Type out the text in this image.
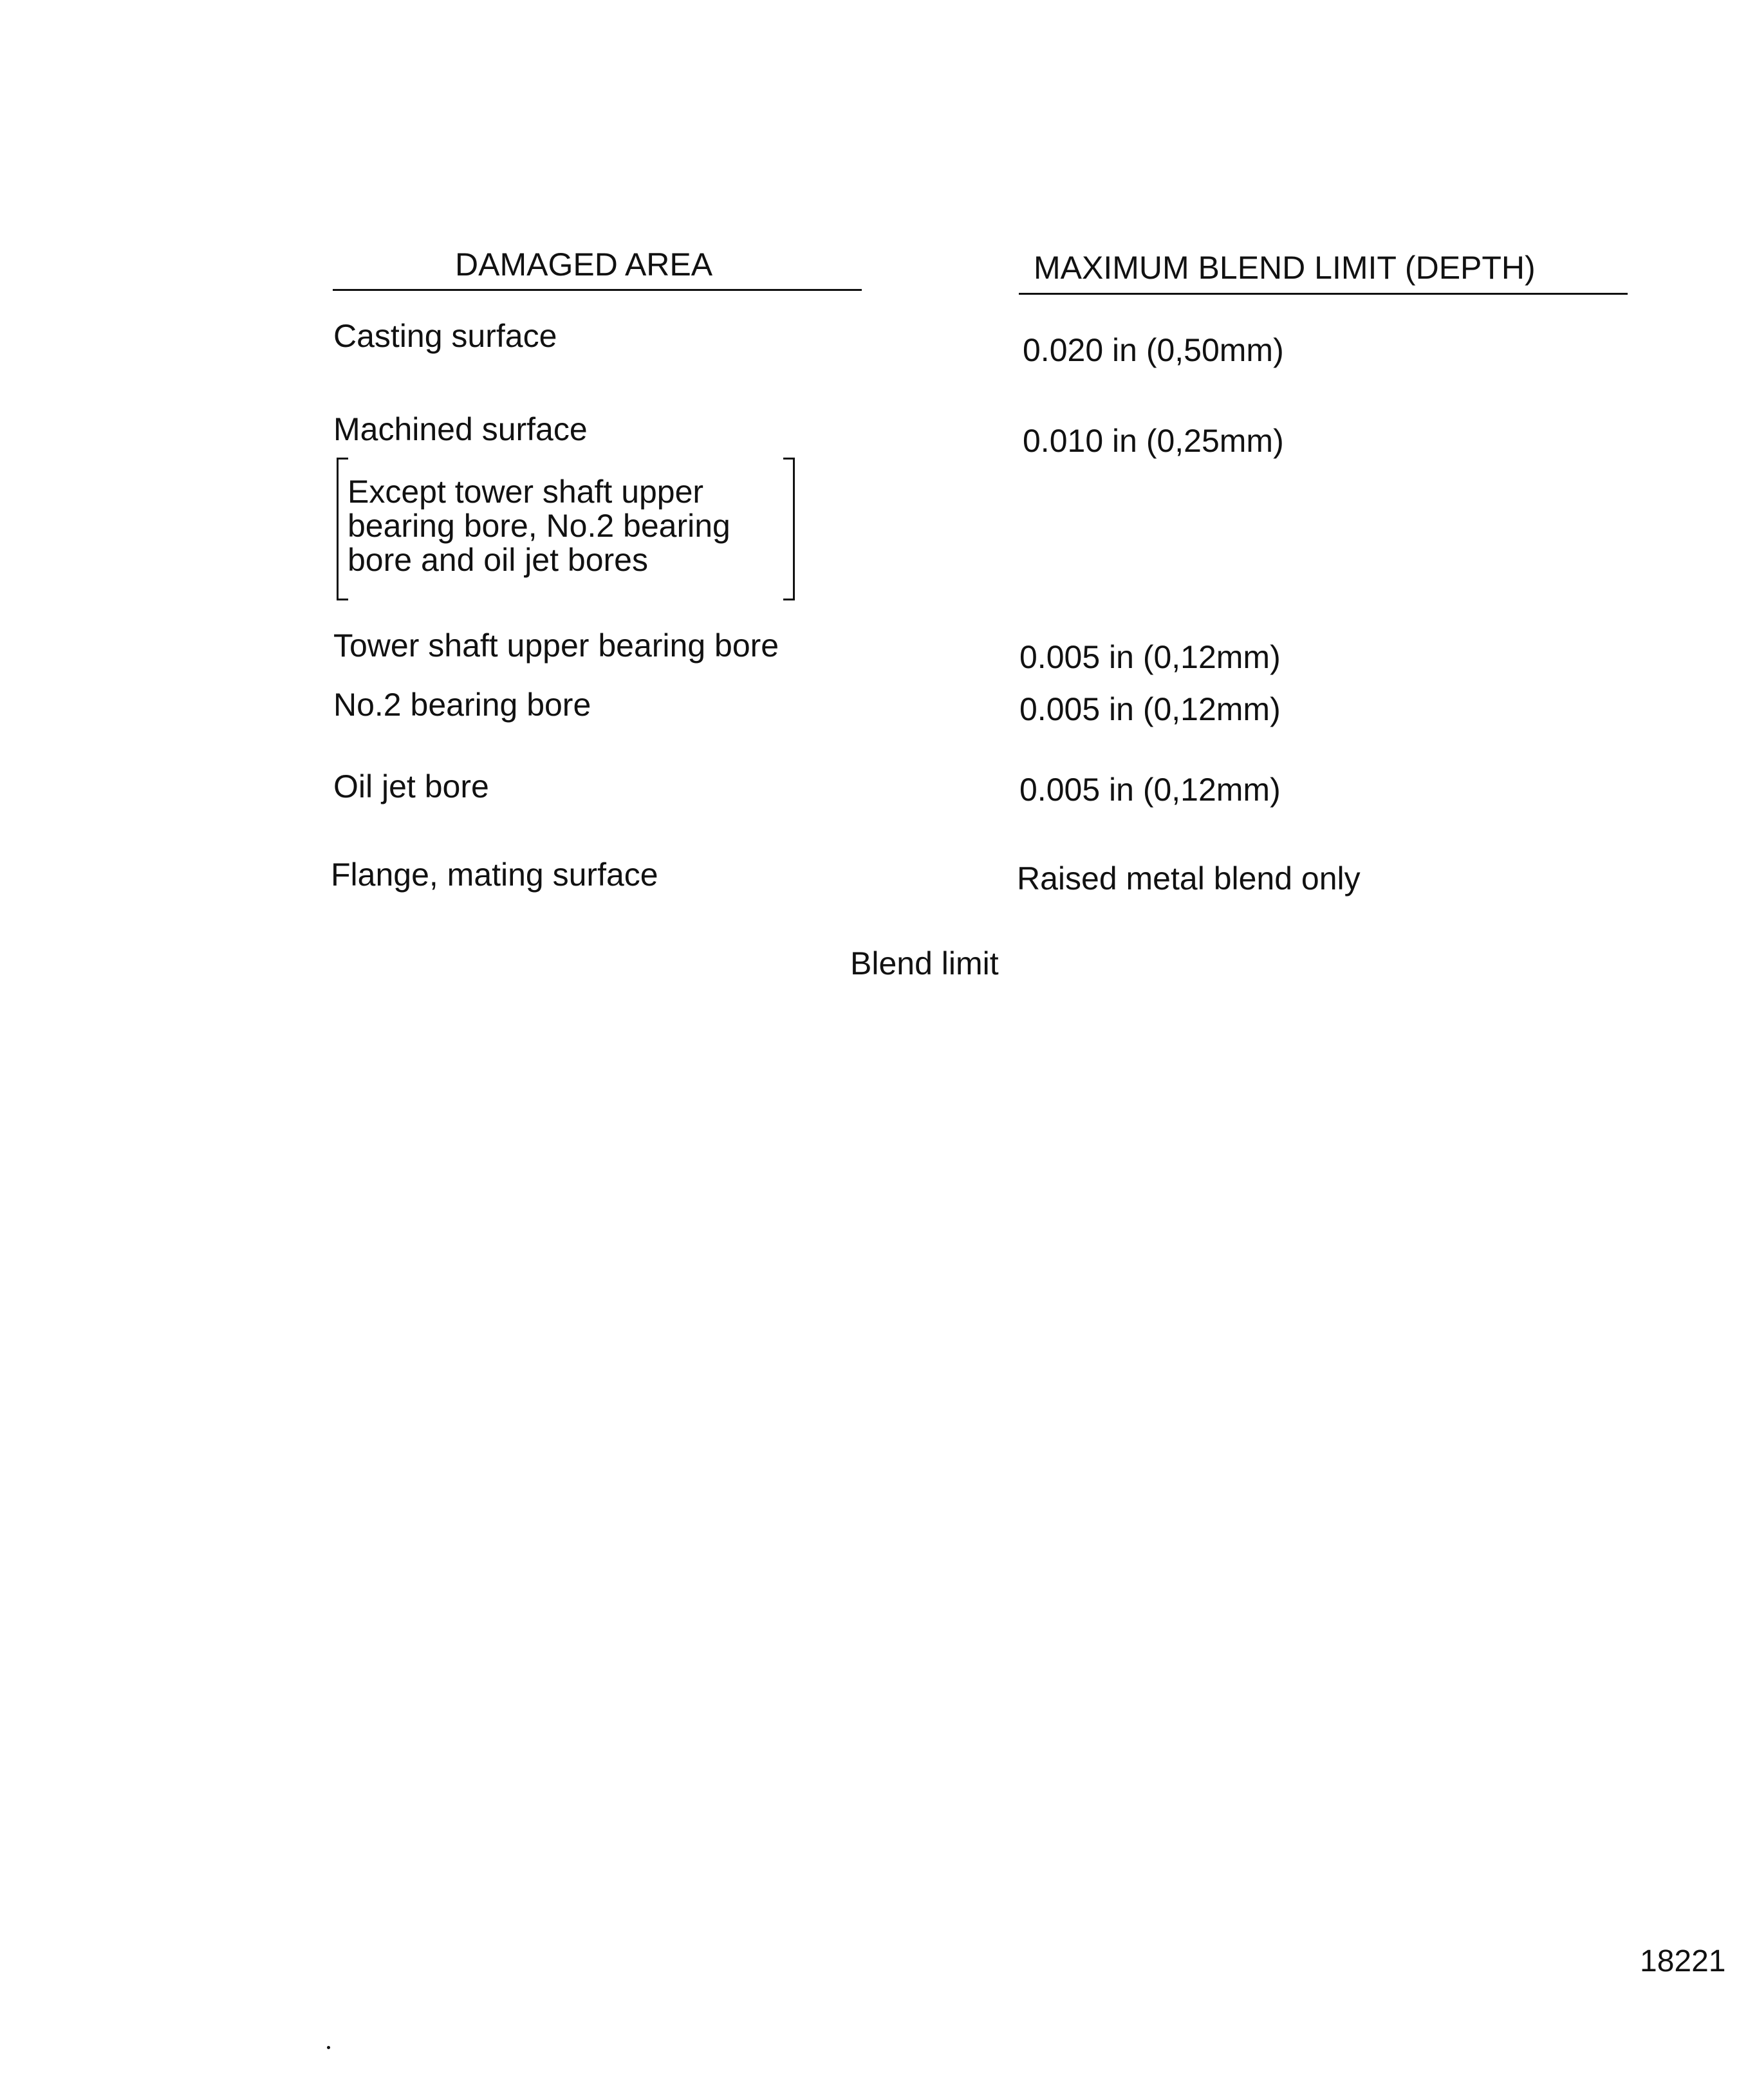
DAMAGED AREA	MAXIMUM BLEND LIMIT (DEPTH)
Casting surface	0.020 in (0,50mm)
Machined surface	0.010 in (0,25mm)
Except tower shaft upper
bearing bore, No.2 bearing
bore and oil jet bores
Tower shaft upper bearing bore	0.005 in (0,12mm)
No.2 bearing bore	0.005 in (0,12mm)
Oil jet bore	0.005 in (0,12mm)
Flange, mating surface	Raised metal blend only
Blend limit
18221
